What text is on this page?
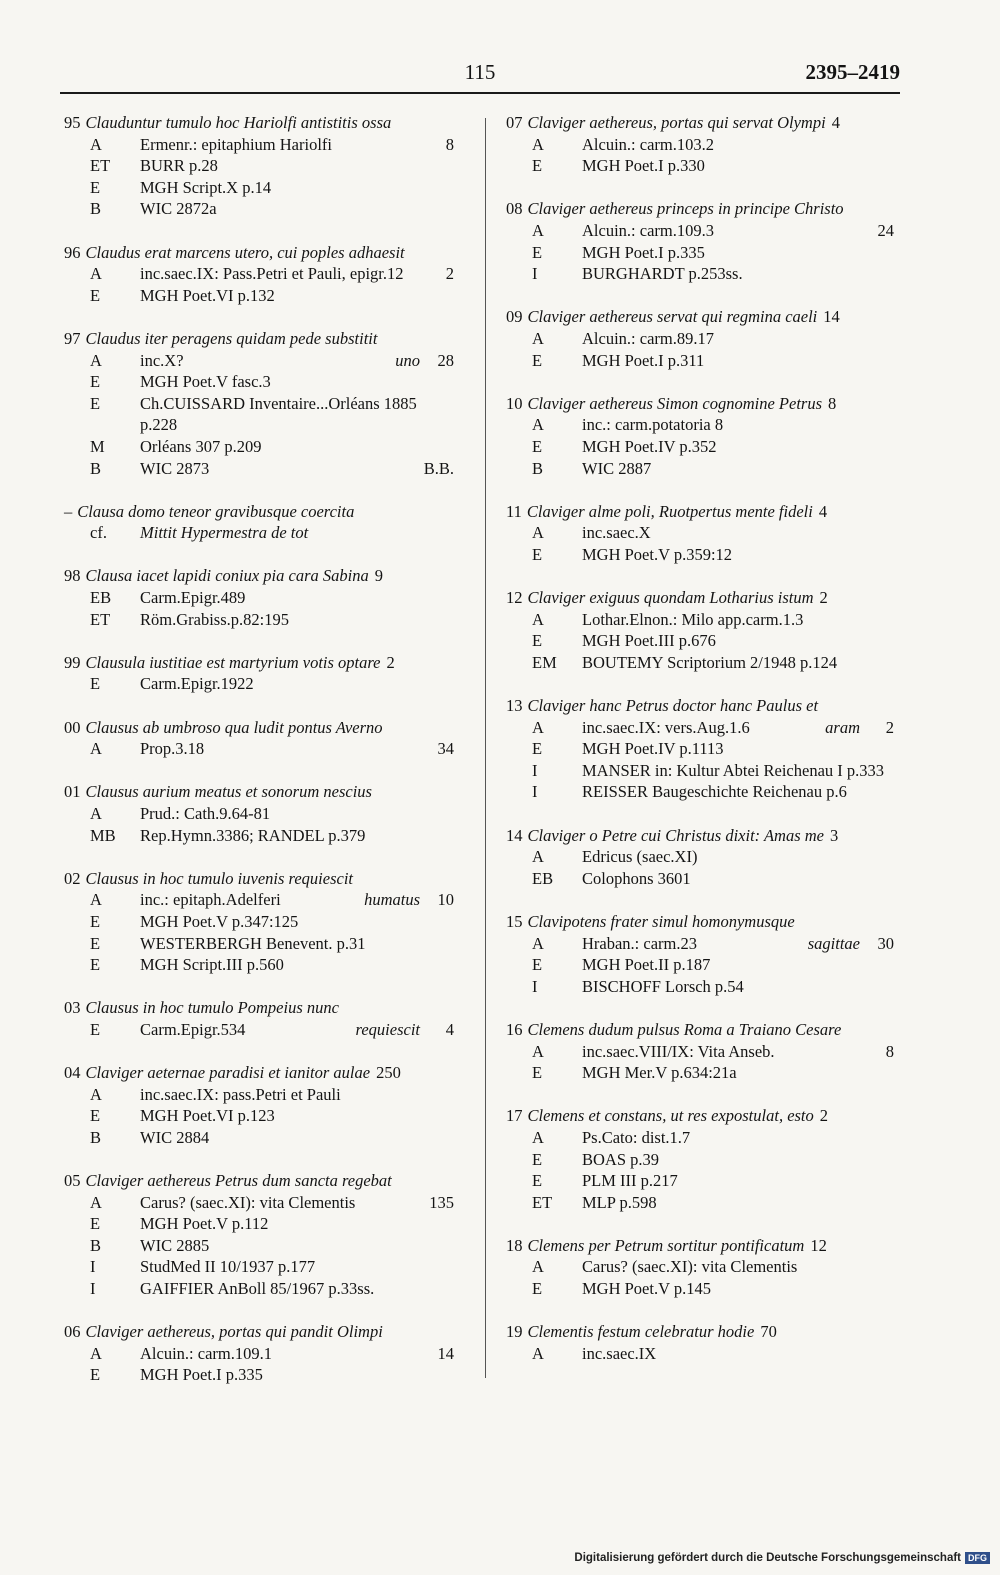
115	2395–2419
95 Clauduntur tumulo hoc Hariolfi antistitis ossa
A	Ermenr.: epitaphium Hariolfi	8
ET	BURR p.28
E	MGH Script.X p.14
B	WIC 2872a
96 Claudus erat marcens utero, cui poples adhaesit
A	inc.saec.IX: Pass.Petri et Pauli, epigr.12	2
E	MGH Poet.VI p.132
97 Claudus iter peragens quidam pede substitit
A	inc.X?	uno 28
E	MGH Poet.V fasc.3
E	Ch.CUISSARD Inventaire...Orléans 1885 p.228
M	Orléans 307 p.209
B	WIC 2873	B.B.
– Clausa domo teneor gravibusque coercita
cf.	Mittit Hypermestra de tot
98 Clausa iacet lapidi coniux pia cara Sabina 9
EB	Carm.Epigr.489
ET	Röm.Grabiss.p.82:195
99 Clausula iustitiae est martyrium votis optare 2
E	Carm.Epigr.1922
00 Clausus ab umbroso qua ludit pontus Averno
A	Prop.3.18	34
01 Clausus aurium meatus et sonorum nescius
A	Prud.: Cath.9.64-81
MB	Rep.Hymn.3386; RANDEL p.379
02 Clausus in hoc tumulo iuvenis requiescit
A	inc.: epitaph.Adelferi	humatus 10
E	MGH Poet.V p.347:125
E	WESTERBERGH Benevent. p.31
E	MGH Script.III p.560
03 Clausus in hoc tumulo Pompeius nunc
E	Carm.Epigr.534	requiescit 4
04 Claviger aeternae paradisi et ianitor aulae 250
A	inc.saec.IX: pass.Petri et Pauli
E	MGH Poet.VI p.123
B	WIC 2884
05 Claviger aethereus Petrus dum sancta regebat
A	Carus? (saec.XI): vita Clementis	135
E	MGH Poet.V p.112
B	WIC 2885
I	StudMed II 10/1937 p.177
I	GAIFFIER AnBoll 85/1967 p.33ss.
06 Claviger aethereus, portas qui pandit Olimpi
A	Alcuin.: carm.109.1	14
E	MGH Poet.I p.335
07 Claviger aethereus, portas qui servat Olympi 4
A	Alcuin.: carm.103.2
E	MGH Poet.I p.330
08 Claviger aethereus princeps in principe Christo
A	Alcuin.: carm.109.3	24
E	MGH Poet.I p.335
I	BURGHARDT p.253ss.
09 Claviger aethereus servat qui regmina caeli 14
A	Alcuin.: carm.89.17
E	MGH Poet.I p.311
10 Claviger aethereus Simon cognomine Petrus 8
A	inc.: carm.potatoria 8
E	MGH Poet.IV p.352
B	WIC 2887
11 Claviger alme poli, Ruotpertus mente fideli 4
A	inc.saec.X
E	MGH Poet.V p.359:12
12 Claviger exiguus quondam Lotharius istum 2
A	Lothar.Elnon.: Milo app.carm.1.3
E	MGH Poet.III p.676
EM	BOUTEMY Scriptorium 2/1948 p.124
13 Claviger hanc Petrus doctor hanc Paulus et
A	inc.saec.IX: vers.Aug.1.6	aram 2
E	MGH Poet.IV p.1113
I	MANSER in: Kultur Abtei Reichenau I p.333
I	REISSER Baugeschichte Reichenau p.6
14 Claviger o Petre cui Christus dixit: Amas me 3
A	Edricus (saec.XI)
EB	Colophons 3601
15 Clavipotens frater simul homonymusque
A	Hraban.: carm.23	sagittae 30
E	MGH Poet.II p.187
I	BISCHOFF Lorsch p.54
16 Clemens dudum pulsus Roma a Traiano Cesare
A	inc.saec.VIII/IX: Vita Anseb.	8
E	MGH Mer.V p.634:21a
17 Clemens et constans, ut res expostulat, esto 2
A	Ps.Cato: dist.1.7
E	BOAS p.39
E	PLM III p.217
ET	MLP p.598
18 Clemens per Petrum sortitur pontificatum 12
A	Carus? (saec.XI): vita Clementis
E	MGH Poet.V p.145
19 Clementis festum celebratur hodie 70
A	inc.saec.IX
Digitalisierung gefördert durch die Deutsche Forschungsgemeinschaft DFG
